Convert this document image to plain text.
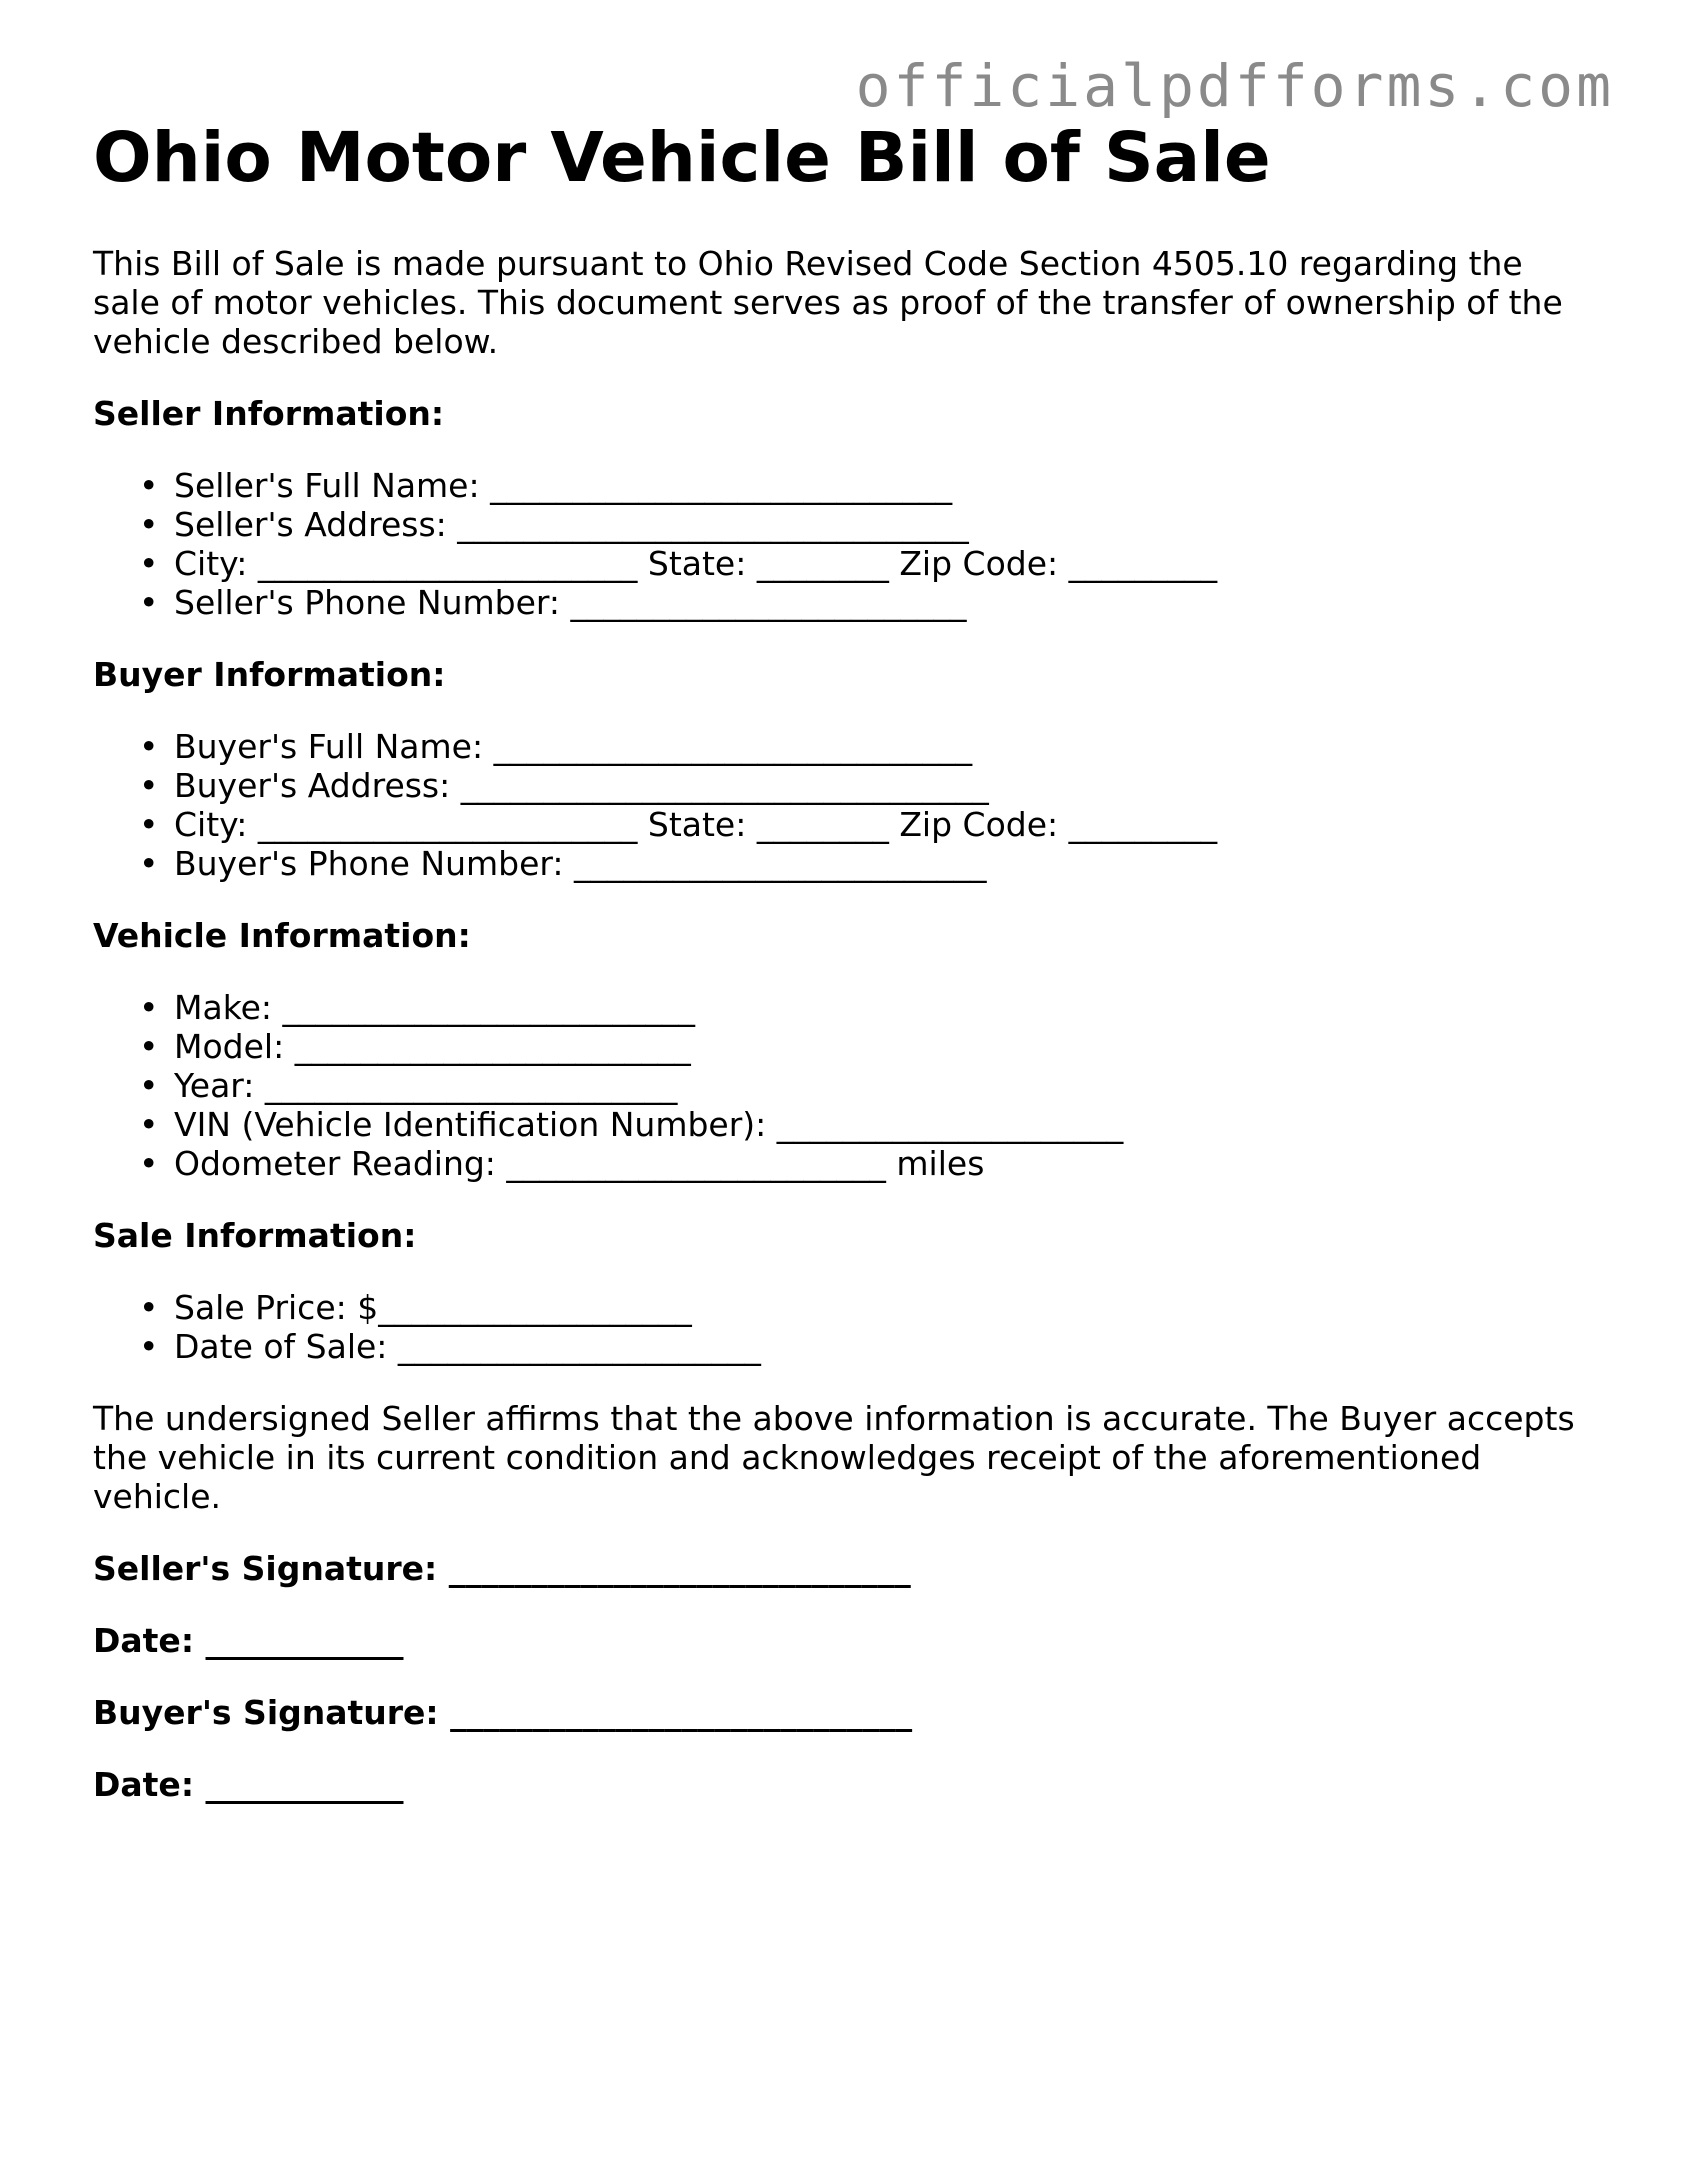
officialpdfforms.com
Ohio Motor Vehicle Bill of Sale

This Bill of Sale is made pursuant to Ohio Revised Code Section 4505.10 regarding the sale of motor vehicles. This document serves as proof of the transfer of ownership of the vehicle described below.

Seller Information:
• Seller's Full Name: ____________________________
• Seller's Address: _______________________________
• City: _______________________ State: ________ Zip Code: _________
• Seller's Phone Number: ________________________
Buyer Information:
• Buyer's Full Name: _____________________________
• Buyer's Address: ________________________________
• City: _______________________ State: ________ Zip Code: _________
• Buyer's Phone Number: _________________________
Vehicle Information:
• Make: _________________________
• Model: ________________________
• Year: _________________________
• VIN (Vehicle Identification Number): _____________________
• Odometer Reading: _______________________ miles
Sale Information:
• Sale Price: $___________________
• Date of Sale: ______________________

The undersigned Seller affirms that the above information is accurate. The Buyer accepts the vehicle in its current condition and acknowledges receipt of the aforementioned vehicle.

Seller's Signature: ____________________________
Date: ____________
Buyer's Signature: ____________________________
Date: ____________
